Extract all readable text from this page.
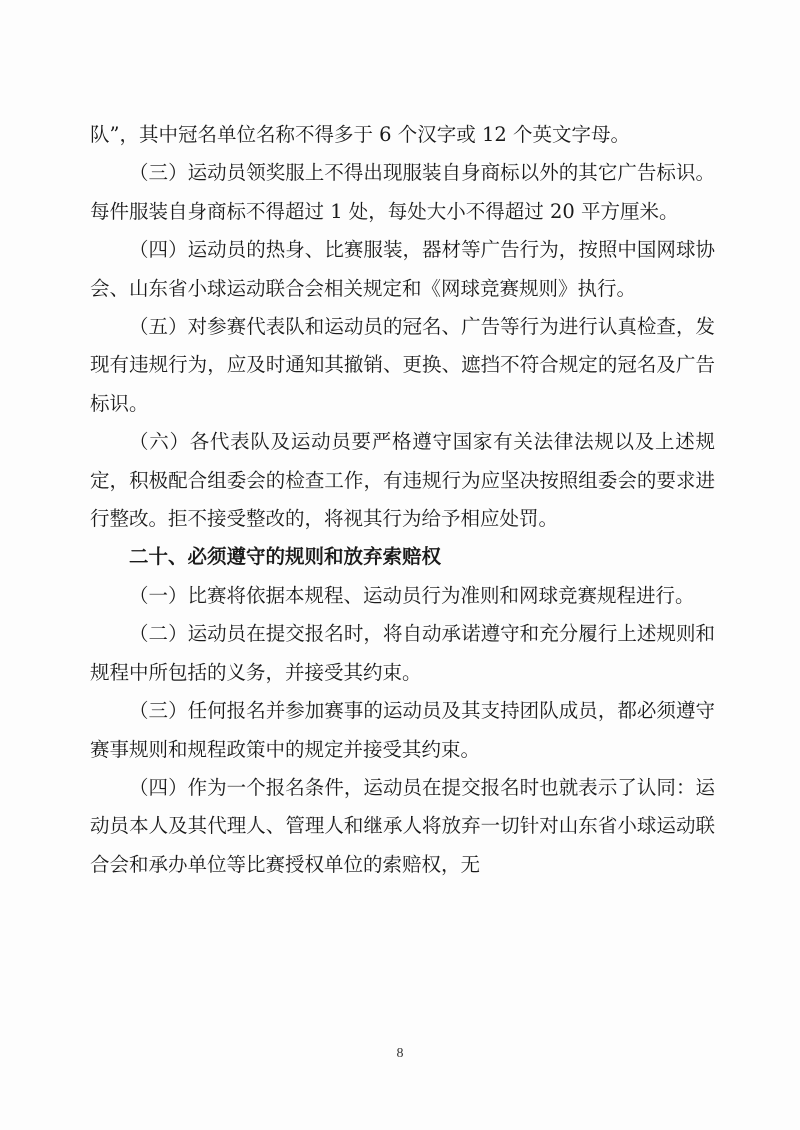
队”，其中冠名单位名称不得多于 6 个汉字或 12 个英文字母。

（三）运动员领奖服上不得出现服装自身商标以外的其它广告标识。每件服装自身商标不得超过 1 处，每处大小不得超过 20 平方厘米。

（四）运动员的热身、比赛服装，器材等广告行为，按照中国网球协会、山东省小球运动联合会相关规定和《网球竞赛规则》执行。

（五）对参赛代表队和运动员的冠名、广告等行为进行认真检查，发现有违规行为，应及时通知其撤销、更换、遮挡不符合规定的冠名及广告标识。

（六）各代表队及运动员要严格遵守国家有关法律法规以及上述规定，积极配合组委会的检查工作，有违规行为应坚决按照组委会的要求进行整改。拒不接受整改的，将视其行为给予相应处罚。

二十、必须遵守的规则和放弃索赔权

（一）比赛将依据本规程、运动员行为准则和网球竞赛规程进行。

（二）运动员在提交报名时，将自动承诺遵守和充分履行上述规则和规程中所包括的义务，并接受其约束。

（三）任何报名并参加赛事的运动员及其支持团队成员，都必须遵守赛事规则和规程政策中的规定并接受其约束。

（四）作为一个报名条件，运动员在提交报名时也就表示了认同：运动员本人及其代理人、管理人和继承人将放弃一切针对山东省小球运动联合会和承办单位等比赛授权单位的索赔权，无

8
